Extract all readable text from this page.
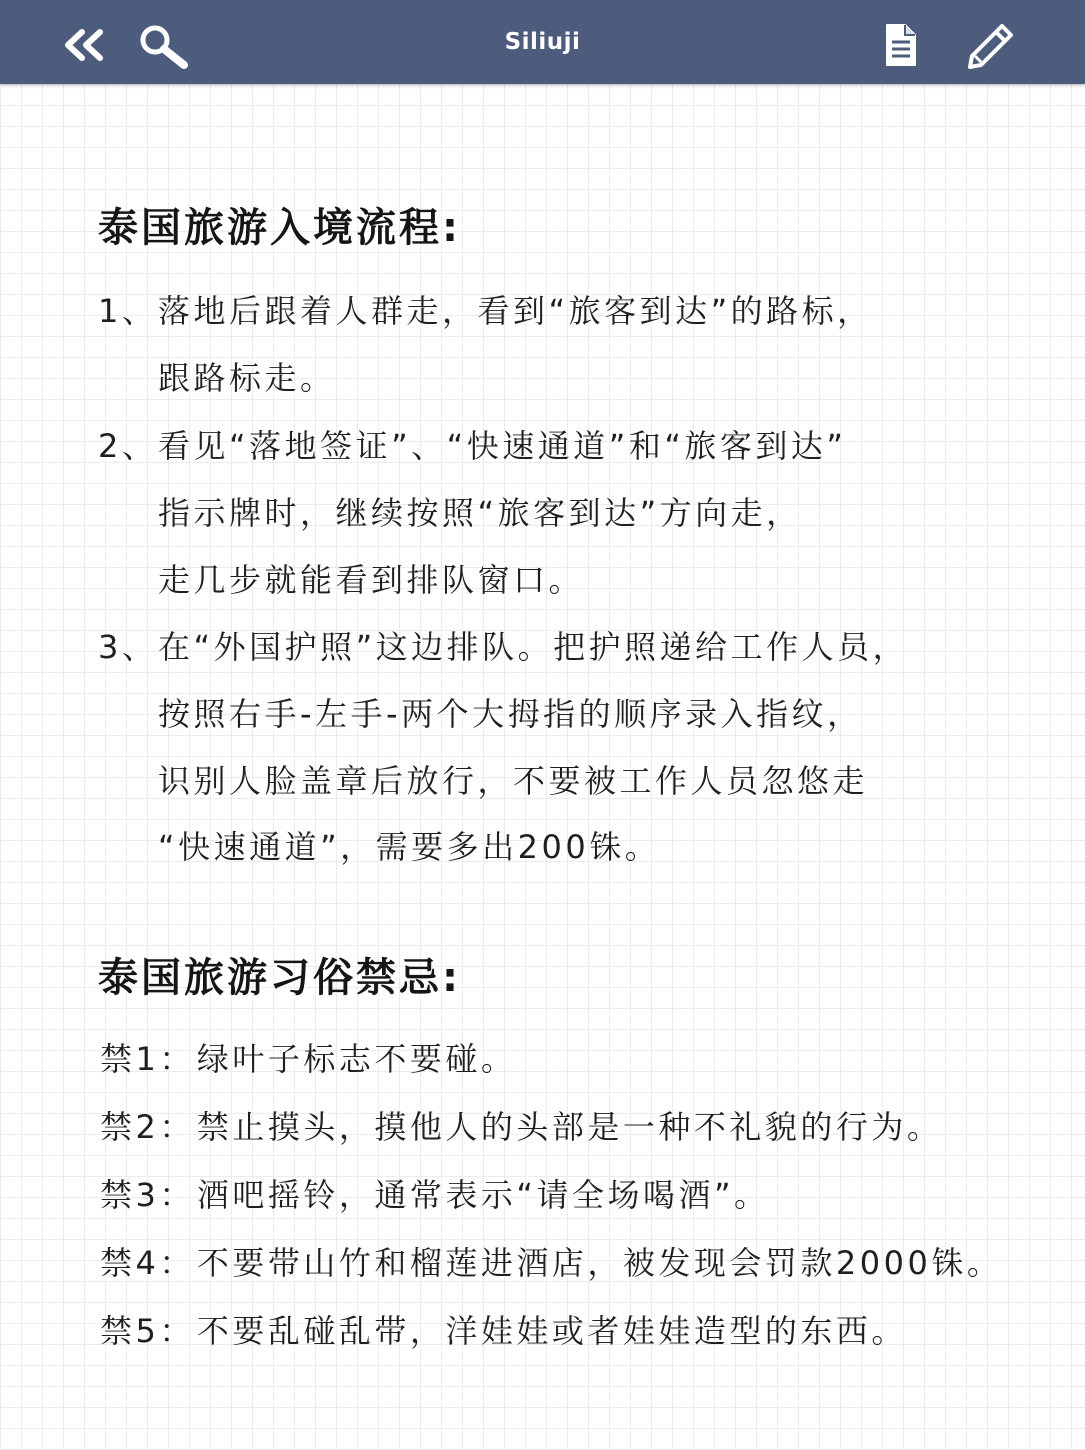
Siliuji
泰国旅游入境流程:
1、 落地后跟着人群走，看到“旅客到达”的路标，
跟路标走。
2、 看见“落地签证”、“快速通道”和“旅客到达”
指示牌时，继续按照“旅客到达”方向走，
走几步就能看到排队窗口。
3、 在“外国护照”这边排队。把护照递给工作人员，
按照右手-左手-两个大拇指的顺序录入指纹，
识别人脸盖章后放行，不要被工作人员忽悠走
“快速通道”，需要多出200铢。
泰国旅游习俗禁忌:
禁1：绿叶子标志不要碰。
禁2：禁止摸头，摸他人的头部是一种不礼貌的行为。
禁3：酒吧摇铃，通常表示“请全场喝酒”。
禁4：不要带山竹和榴莲进酒店，被发现会罚款2000铢。
禁5：不要乱碰乱带，洋娃娃或者娃娃造型的东西。
